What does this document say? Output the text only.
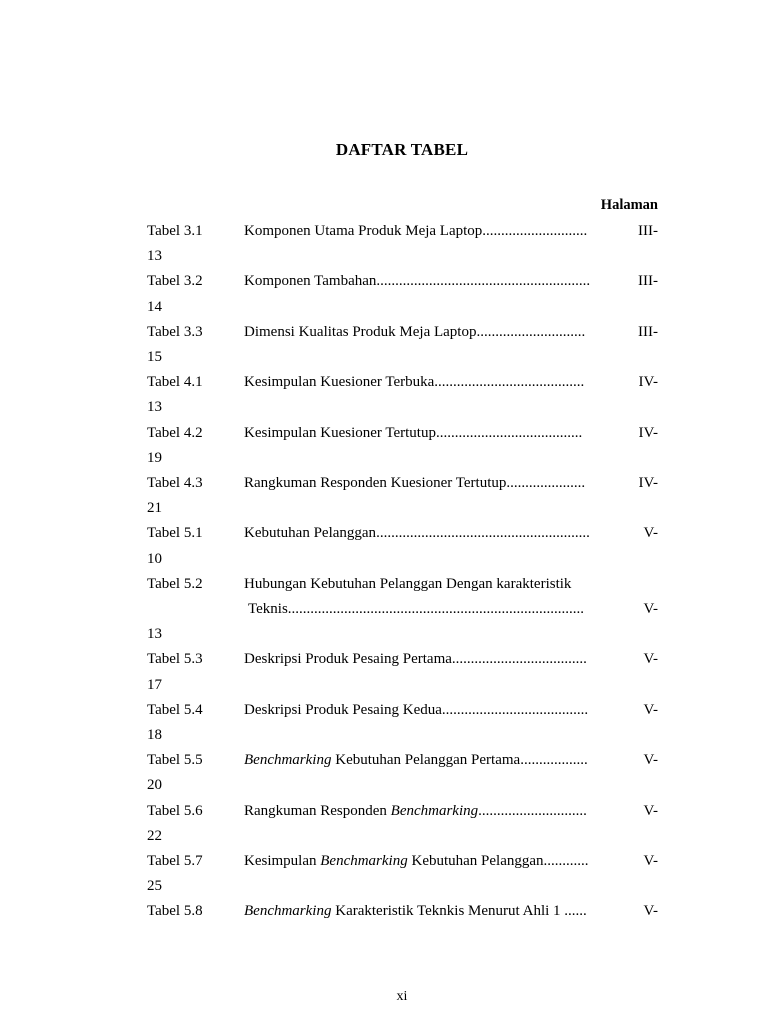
DAFTAR TABEL
Halaman
Tabel 3.1	Komponen Utama Produk Meja Laptop............................	III-
13
Tabel 3.2	Komponen Tambahan.........................................................	III-
14
Tabel 3.3	Dimensi Kualitas Produk Meja Laptop.............................	III-
15
Tabel 4.1	Kesimpulan Kuesioner Terbuka........................................	IV-
13
Tabel 4.2	Kesimpulan Kuesioner Tertutup.......................................	IV-
19
Tabel 4.3	Rangkuman Responden Kuesioner Tertutup.....................	IV-
21
Tabel 5.1	Kebutuhan Pelanggan.........................................................	V-
10
Tabel 5.2	Hubungan Kebutuhan Pelanggan Dengan karakteristik
Teknis...............................................................................	V-
13
Tabel 5.3	Deskripsi Produk Pesaing Pertama....................................	V-
17
Tabel 5.4	Deskripsi Produk Pesaing Kedua.......................................	V-
18
Tabel 5.5	Benchmarking Kebutuhan Pelanggan Pertama..................	V-
20
Tabel 5.6	Rangkuman Responden Benchmarking.............................	V-
22
Tabel 5.7	Kesimpulan Benchmarking Kebutuhan Pelanggan............	V-
25
Tabel 5.8	Benchmarking Karakteristik Teknkis Menurut Ahli 1 ......	V-
xi
